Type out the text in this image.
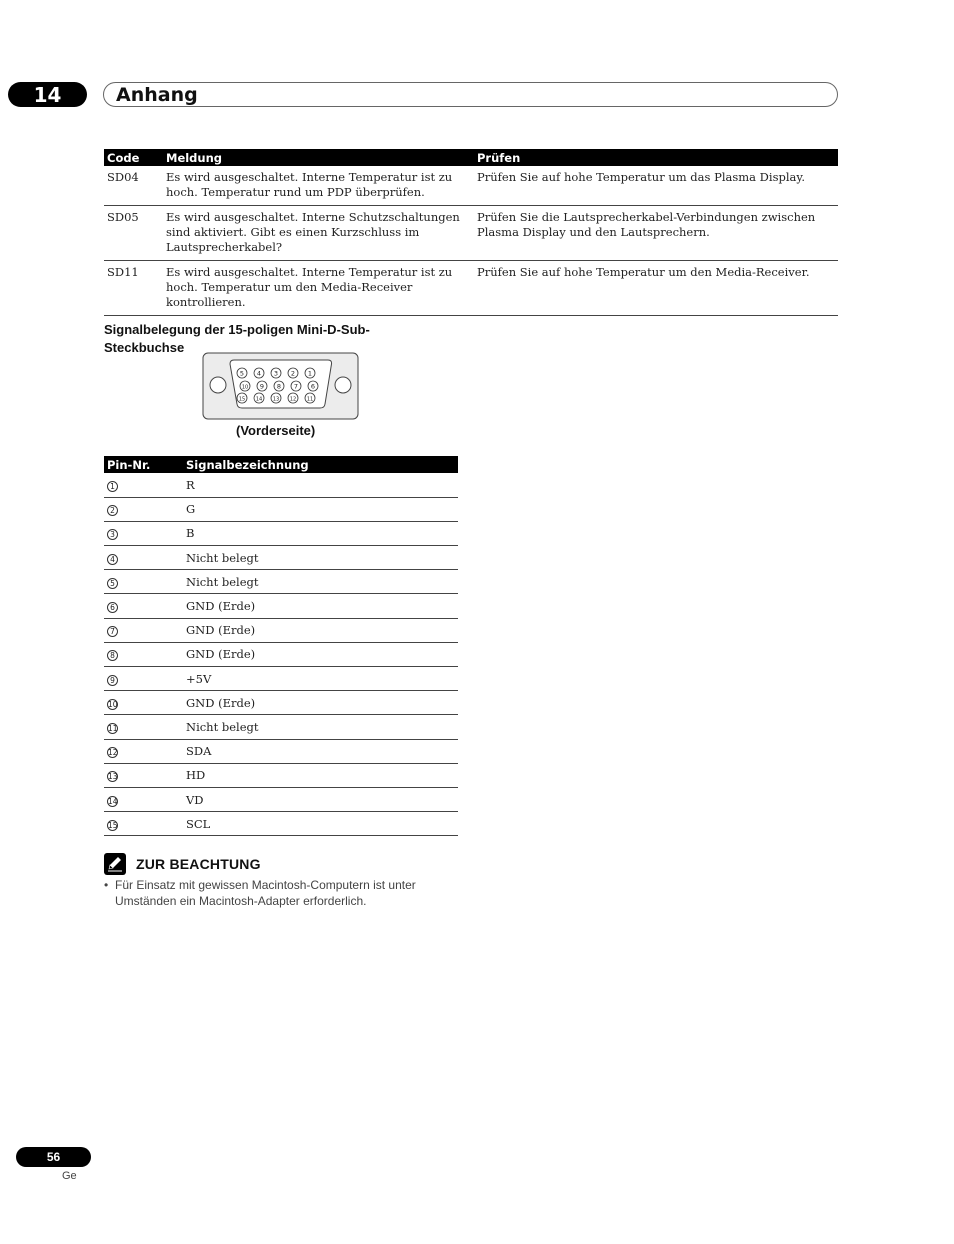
14	Anhang
Code	Meldung	Prüfen
SD04	Es wird ausgeschaltet. Interne Temperatur ist zu hoch. Temperatur rund um PDP überprüfen.	Prüfen Sie auf hohe Temperatur um das Plasma Display.
SD05	Es wird ausgeschaltet. Interne Schutzschaltungen sind aktiviert. Gibt es einen Kurzschluss im Lautsprecherkabel?	Prüfen Sie die Lautsprecherkabel-Verbindungen zwischen Plasma Display und den Lautsprechern.
SD11	Es wird ausgeschaltet. Interne Temperatur ist zu hoch. Temperatur um den Media-Receiver kontrollieren.	Prüfen Sie auf hohe Temperatur um den Media-Receiver.
Signalbelegung der 15-poligen Mini-D-Sub-Steckbuchse
5 4 3 2 1
10 9 8 7 6
15 14 13 12 11
(Vorderseite)
Pin-Nr.	Signalbezeichnung
1	R
2	G
3	B
4	Nicht belegt
5	Nicht belegt
6	GND (Erde)
7	GND (Erde)
8	GND (Erde)
9	+5V
10	GND (Erde)
11	Nicht belegt
12	SDA
13	HD
14	VD
15	SCL
ZUR BEACHTUNG
• Für Einsatz mit gewissen Macintosh-Computern ist unter Umständen ein Macintosh-Adapter erforderlich.
56
Ge
